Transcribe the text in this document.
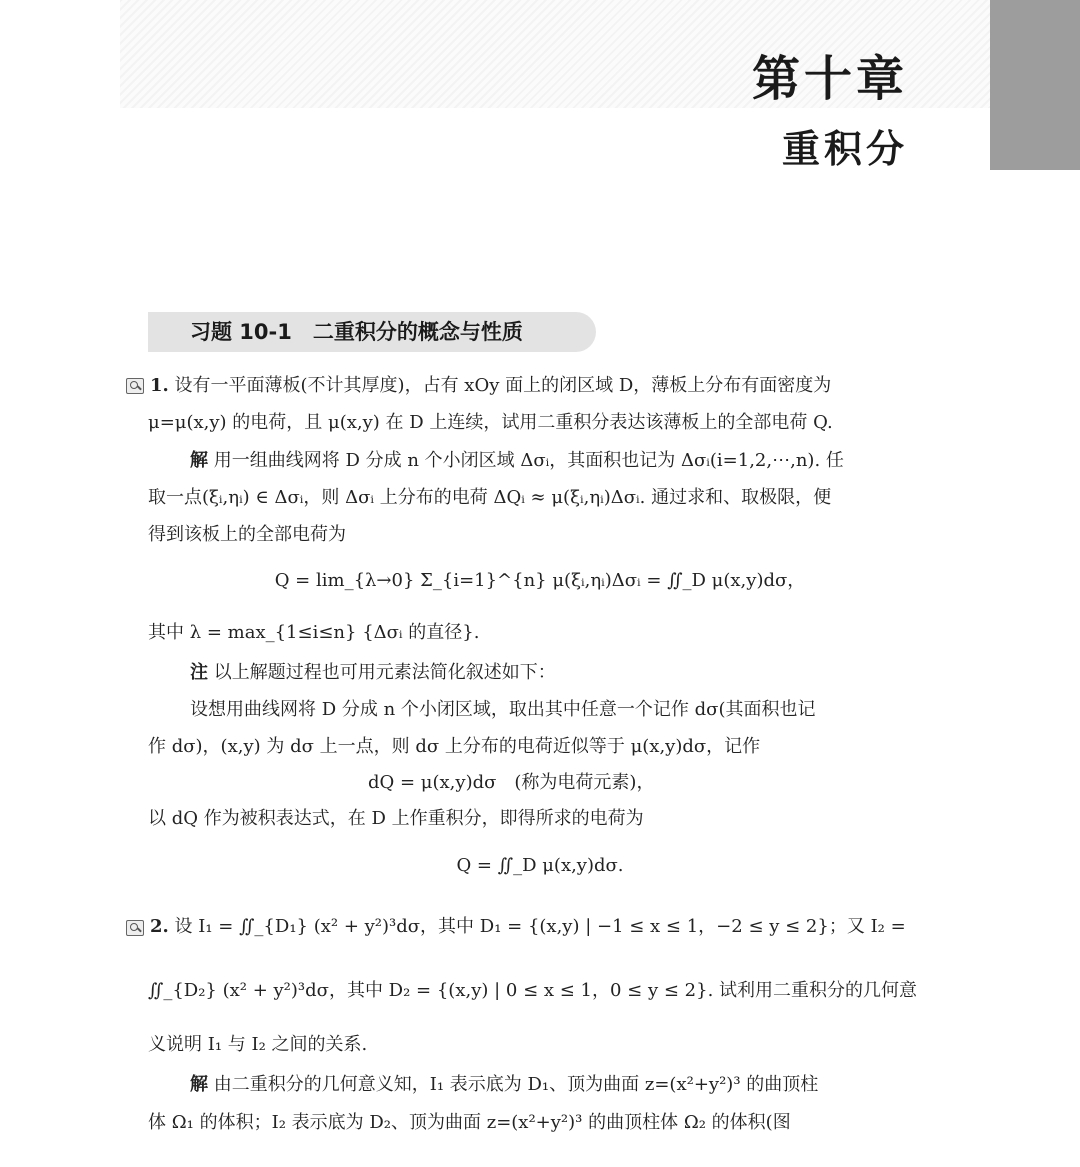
第十章
重积分
习题 10-1　二重积分的概念与性质
1. 设有一平面薄板(不计其厚度)，占有 xOy 面上的闭区域 D，薄板上分布有面密度为
μ=μ(x,y) 的电荷，且 μ(x,y) 在 D 上连续，试用二重积分表达该薄板上的全部电荷 Q.
解 用一组曲线网将 D 分成 n 个小闭区域 Δσᵢ，其面积也记为 Δσᵢ(i=1,2,⋯,n). 任
取一点(ξᵢ,ηᵢ) ∈ Δσᵢ，则 Δσᵢ 上分布的电荷 ΔQᵢ ≈ μ(ξᵢ,ηᵢ)Δσᵢ. 通过求和、取极限，便
得到该板上的全部电荷为
Q = lim_{λ→0} Σ_{i=1}^{n} μ(ξᵢ,ηᵢ)Δσᵢ = ∬_D μ(x,y)dσ，
其中 λ = max_{1≤i≤n} {Δσᵢ 的直径}.
注 以上解题过程也可用元素法简化叙述如下：
设想用曲线网将 D 分成 n 个小闭区域，取出其中任意一个记作 dσ(其面积也记
作 dσ)，(x,y) 为 dσ 上一点，则 dσ 上分布的电荷近似等于 μ(x,y)dσ，记作
dQ = μ(x,y)dσ　(称为电荷元素)，
以 dQ 作为被积表达式，在 D 上作重积分，即得所求的电荷为
Q = ∬_D μ(x,y)dσ.
2. 设 I₁ = ∬_{D₁} (x² + y²)³dσ，其中 D₁ = {(x,y) | −1 ≤ x ≤ 1，−2 ≤ y ≤ 2}；又 I₂ =
∬_{D₂} (x² + y²)³dσ，其中 D₂ = {(x,y) | 0 ≤ x ≤ 1，0 ≤ y ≤ 2}. 试利用二重积分的几何意
义说明 I₁ 与 I₂ 之间的关系.
解 由二重积分的几何意义知，I₁ 表示底为 D₁、顶为曲面 z=(x²+y²)³ 的曲顶柱
体 Ω₁ 的体积；I₂ 表示底为 D₂、顶为曲面 z=(x²+y²)³ 的曲顶柱体 Ω₂ 的体积(图
